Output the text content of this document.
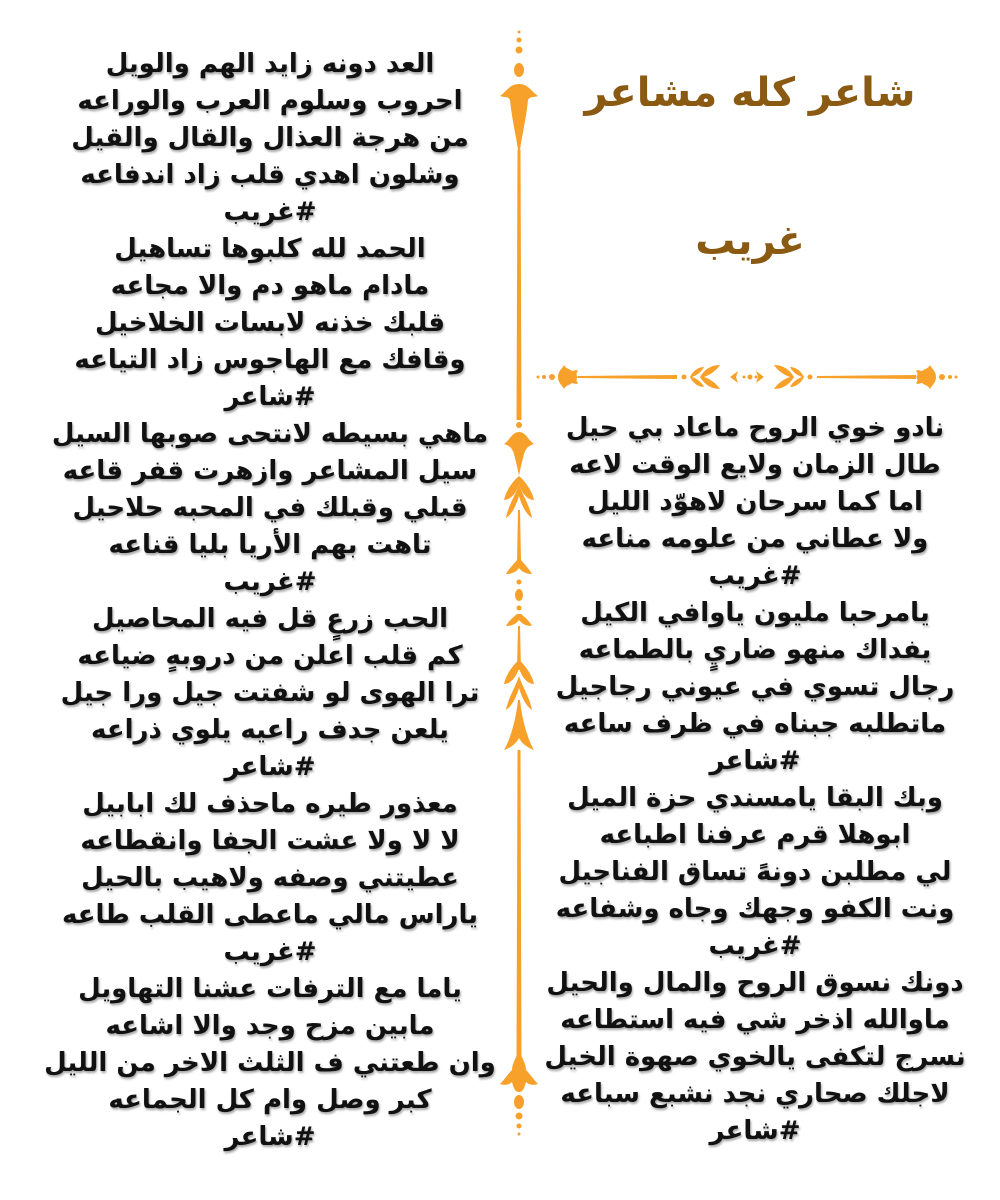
شاعر كله مشاعر
غريب
العد دونه زايد الهم والويل
احروب وسلوم العرب والوراعه
من هرجة العذال والقال والقيل
وشلون اهدي قلب زاد اندفاعه
#غريب
الحمد لله كلبوها تساهيل
مادام ماهو دم والا مجاعه
قلبك خذنه لابسات الخلاخيل
وقافك مع الهاجوس زاد التياعه
#شاعر
ماهي بسيطه لانتحى صوبها السيل
سيل المشاعر وازهرت قفر قاعه
قبلي وقبلك في المحبه حلاحيل
تاهت بهم الأريا بليا قناعه
#غريب
الحب زرعٍ قل فيه المحاصيل
كم قلب اعلن من دروبهٍ ضياعه
ترا الهوى لو شفتت جيل ورا جيل
يلعن جدف راعيه يلوي ذراعه
#شاعر
معذور طيره ماحذف لك ابابيل
لا لا ولا عشت الجفا وانقطاعه
عطيتني وصفه ولاهيب بالحيل
ياراس مالي ماعطى القلب طاعه
#غريب
ياما مع الترفات عشنا التهاويل
مابين مزح وجد والا اشاعه
وان طعتني ف الثلث الاخر من الليل
كبر وصل وام كل الجماعه
#شاعر
نادو خوي الروح ماعاد بي حيل
طال الزمان ولايع الوقت لاعه
اما كما سرحان لاهوّد الليل
ولا عطاني من علومه مناعه
#غريب
يامرحبا مليون ياوافي الكيل
يفداك منهو ضاريٍ بالطماعه
رجال تسوي في عيوني رجاجيل
ماتطلبه جبناه في ظرف ساعه
#شاعر
وبك البقا يامسندي حزة الميل
ابوهلا قرم عرفنا اطباعه
لي مطلبن دونهً تساق الفناجيل
ونت الكفو وجهك وجاه وشفاعه
#غريب
دونك نسوق الروح والمال والحيل
ماوالله اذخر شي فيه استطاعه
نسرج لتكفى يالخوي صهوة الخيل
لاجلك صحاري نجد نشبع سباعه
#شاعر
